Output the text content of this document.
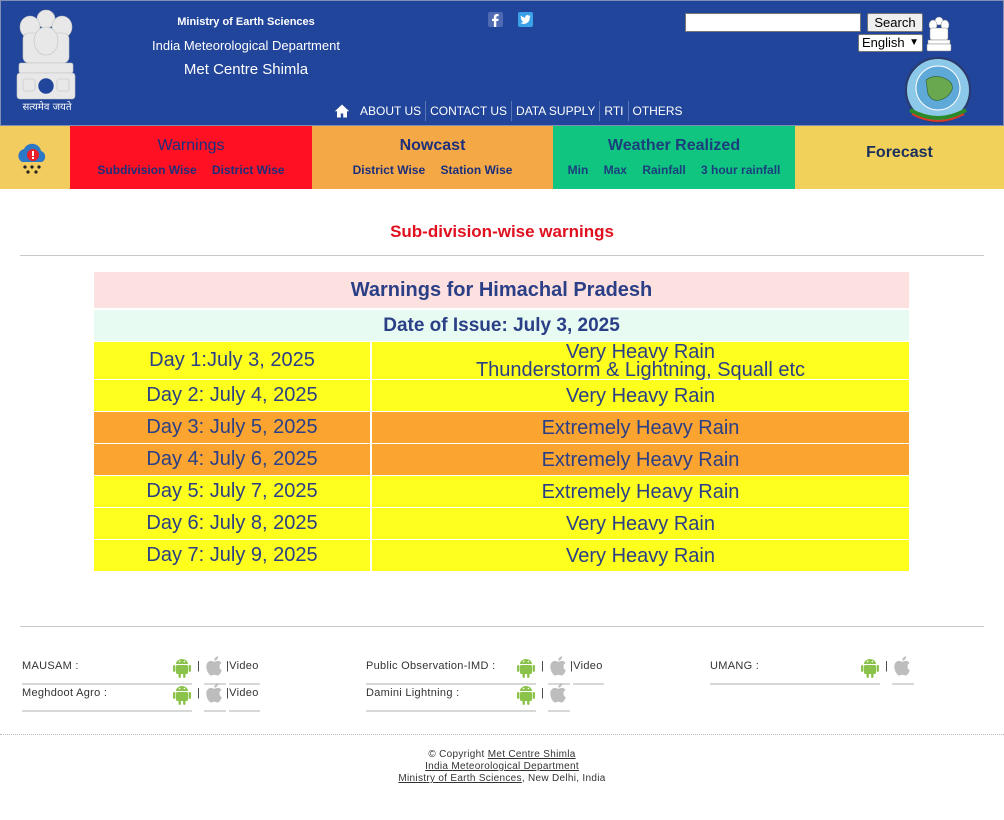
सत्यमेव जयते
Ministry of Earth Sciences
India Meteorological Department
Met Centre Shimla
Search
English ▼
ABOUT US CONTACT US DATA SUPPLY RTI OTHERS
Warnings
Subdivision Wise District Wise
Nowcast
District Wise Station Wise
Weather Realized
Min Max Rainfall 3 hour rainfall
Forecast
Sub-division-wise warnings
Warnings for Himachal Pradesh
Date of Issue: July 3, 2025
Day 1:July 3, 2025	Very Heavy Rain
Thunderstorm & Lightning, Squall etc
Day 2: July 4, 2025	Very Heavy Rain
Day 3: July 5, 2025	Extremely Heavy Rain
Day 4: July 6, 2025	Extremely Heavy Rain
Day 5: July 7, 2025	Extremely Heavy Rain
Day 6: July 8, 2025	Very Heavy Rain
Day 7: July 9, 2025	Very Heavy Rain
MAUSAM :	| |Video
Meghdoot Agro :	| |Video
Public Observation-IMD :	| |Video
Damini Lightning :	|
UMANG :	|
© Copyright Met Centre Shimla
India Meteorological Department
Ministry of Earth Sciences, New Delhi, India
